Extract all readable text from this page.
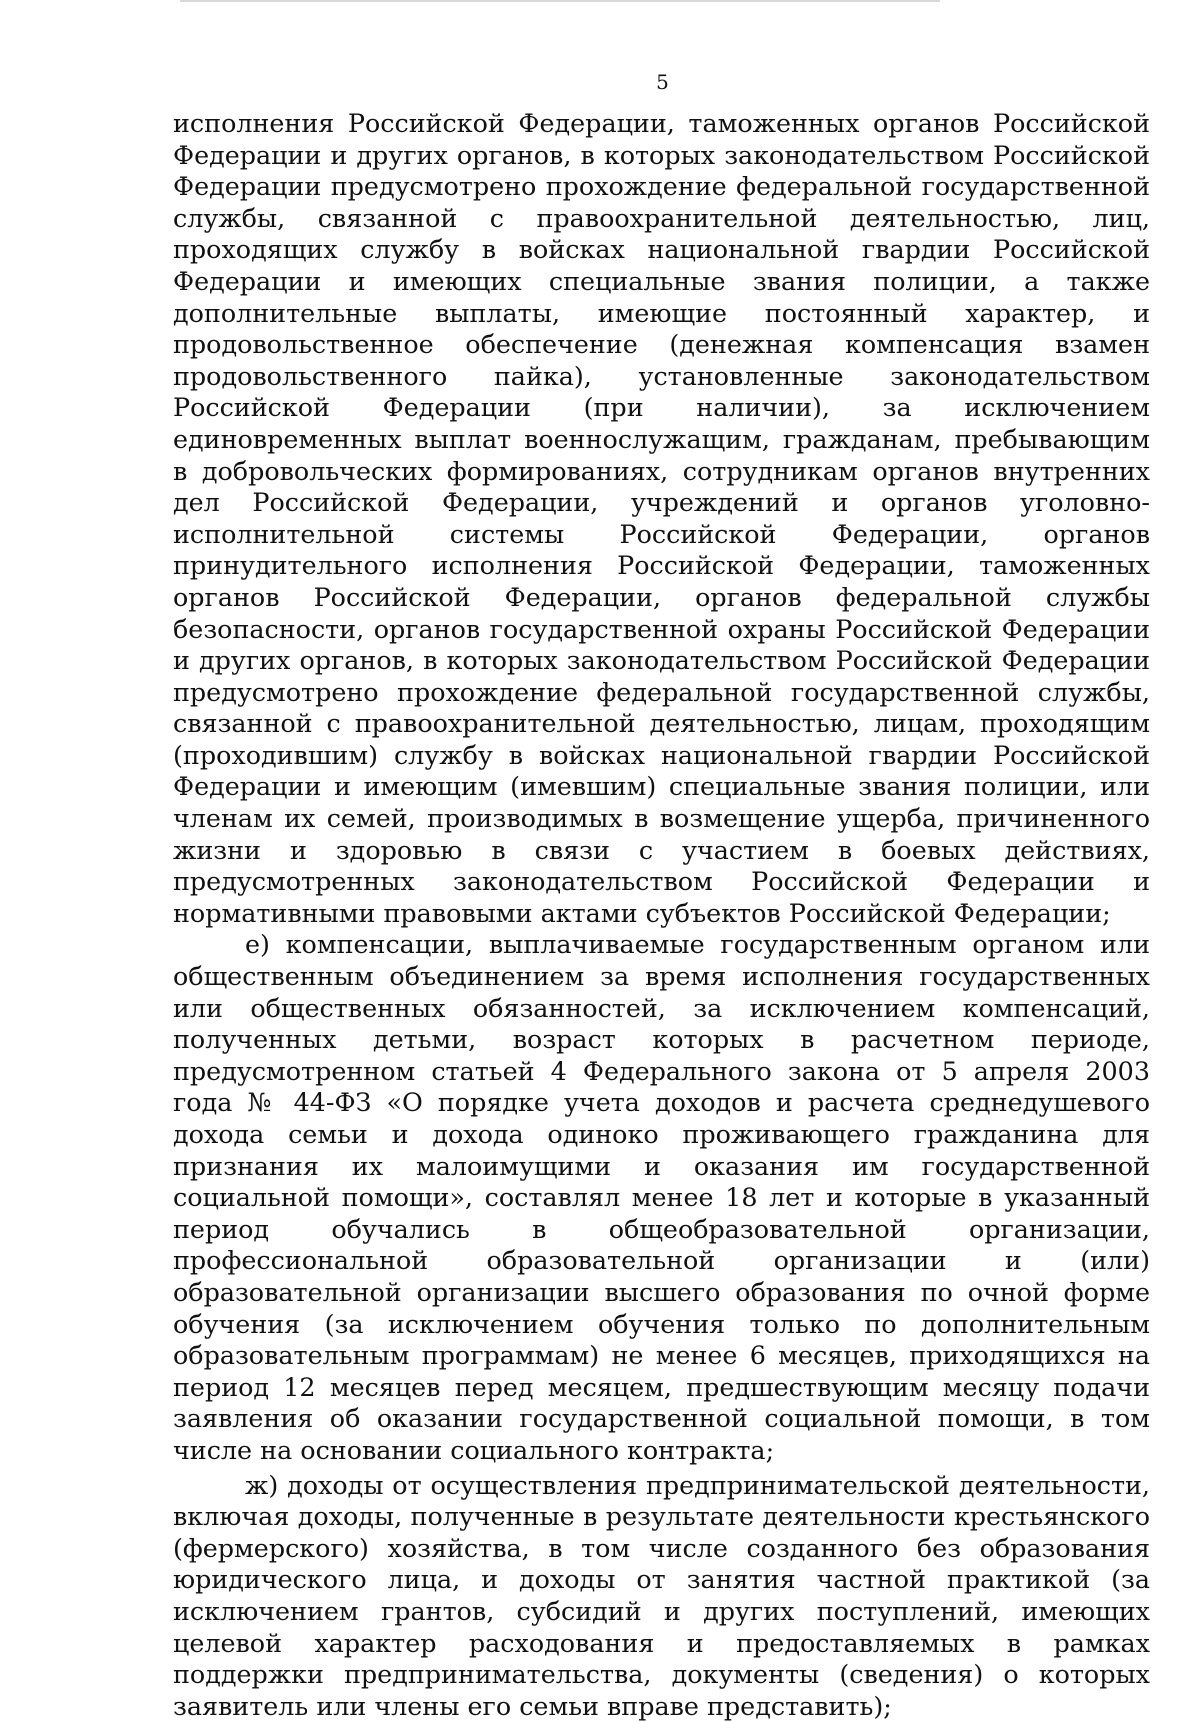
5

исполнения Российской Федерации, таможенных органов Российской Федерации и других органов, в которых законодательством Российской Федерации предусмотрено прохождение федеральной государственной службы, связанной с правоохранительной деятельностью, лиц, проходящих службу в войсках национальной гвардии Российской Федерации и имеющих специальные звания полиции, а также дополнительные выплаты, имеющие постоянный характер, и продовольственное обеспечение (денежная компенсация взамен продовольственного пайка), установленные законодательством Российской Федерации (при наличии), за исключением единовременных выплат военнослужащим, гражданам, пребывающим в добровольческих формированиях, сотрудникам органов внутренних дел Российской Федерации, учреждений и органов уголовно-исполнительной системы Российской Федерации, органов принудительного исполнения Российской Федерации, таможенных органов Российской Федерации, органов федеральной службы безопасности, органов государственной охраны Российской Федерации и других органов, в которых законодательством Российской Федерации предусмотрено прохождение федеральной государственной службы, связанной с правоохранительной деятельностью, лицам, проходящим (проходившим) службу в войсках национальной гвардии Российской Федерации и имеющим (имевшим) специальные звания полиции, или членам их семей, производимых в возмещение ущерба, причиненного жизни и здоровью в связи с участием в боевых действиях, предусмотренных законодательством Российской Федерации и нормативными правовыми актами субъектов Российской Федерации;

е) компенсации, выплачиваемые государственным органом или общественным объединением за время исполнения государственных или общественных обязанностей, за исключением компенсаций, полученных детьми, возраст которых в расчетном периоде, предусмотренном статьей 4 Федерального закона от 5 апреля 2003 года № 44-ФЗ «О порядке учета доходов и расчета среднедушевого дохода семьи и дохода одиноко проживающего гражданина для признания их малоимущими и оказания им государственной социальной помощи», составлял менее 18 лет и которые в указанный период обучались в общеобразовательной организации, профессиональной образовательной организации и (или) образовательной организации высшего образования по очной форме обучения (за исключением обучения только по дополнительным образовательным программам) не менее 6 месяцев, приходящихся на период 12 месяцев перед месяцем, предшествующим месяцу подачи заявления об оказании государственной социальной помощи, в том числе на основании социального контракта;

ж) доходы от осуществления предпринимательской деятельности, включая доходы, полученные в результате деятельности крестьянского (фермерского) хозяйства, в том числе созданного без образования юридического лица, и доходы от занятия частной практикой (за исключением грантов, субсидий и других поступлений, имеющих целевой характер расходования и предоставляемых в рамках поддержки предпринимательства, документы (сведения) о которых заявитель или члены его семьи вправе представить);
